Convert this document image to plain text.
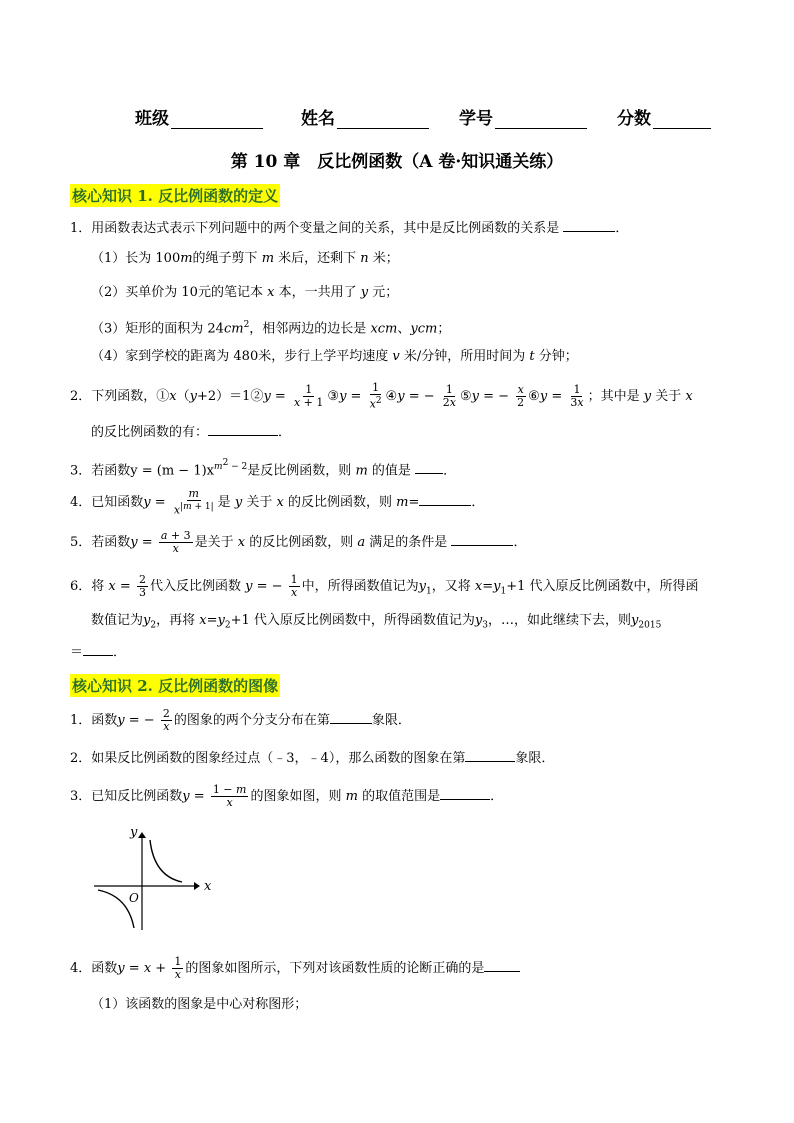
班级	姓名	学号	分数
第 10 章　反比例函数（A 卷·知识通关练）
核心知识 1. 反比例函数的定义
1．用函数表达式表示下列问题中的两个变量之间的关系，其中是反比例函数的关系是	．
（1）长为 100m的绳子剪下 m 米后，还剩下 n 米；
（2）买单价为 10元的笔记本 x 本，一共用了 y 元；
（3）矩形的面积为 $24cm^2$，相邻两边的边长是 xcm、ycm；
（4）家到学校的距离为 480米，步行上学平均速度 v 米/分钟，所用时间为 t 分钟；
2．下列函数，①x（y+2）＝1②y = $\frac{1}{x + 1}$ ③y = $\frac{1}{x^2}$ ④y = − $\frac{1}{2x}$ ⑤y = − $\frac{x}{2}$ ⑥y = $\frac{1}{3x}$ ；其中是 y 关于 x
的反比例函数的有：	．
3．若函数$y = (m - 1)x^{m^2 - 2}$是反比例函数，则 m 的值是 ．
4．已知函数$y = \frac{m}{x^{|m + 1|}}$ 是 y 关于 x 的反比例函数，则 m=	．
5．若函数$y = \frac{a + 3}{x}$ 是关于 x 的反比例函数，则 a 满足的条件是	．
6．将 $x = \frac{2}{3}$ 代入反比例函数 y = − $\frac{1}{x}$ 中，所得函数值记为$y_1$，又将 $x=y_1+1$ 代入原反比例函数中，所得函
数值记为$y_2$，再将 $x=y_2+1$ 代入原反比例函数中，所得函数值记为$y_3$，…，如此继续下去，则$y_{2015}$
＝ ．
核心知识 2. 反比例函数的图像
1．函数y = − $\frac{2}{x}$ 的图象的两个分支分布在第	象限．
2．如果反比例函数的图象经过点（﹣3，﹣4），那么函数的图象在第	象限．
3．已知反比例函数$y = \frac{1 - m}{x}$ 的图象如图，则 m 的取值范围是	．
x
y
O
4．函数$y = x + \frac{1}{x}$ 的图象如图所示，下列对该函数性质的论断正确的是
（1）该函数的图象是中心对称图形；
